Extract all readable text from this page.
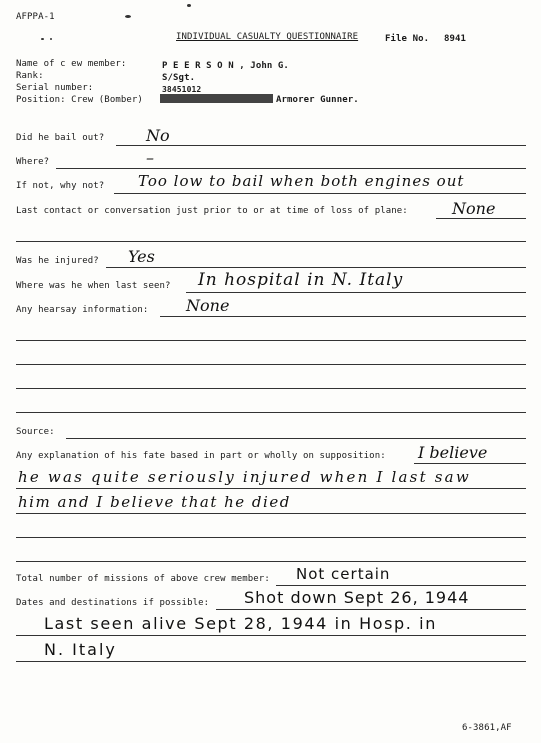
AFPPA-1
INDIVIDUAL CASUALTY QUESTIONNAIRE	File No. 8941
Name of c ew member:	P E E R S O N , John G.
Rank:	S/Sgt.
Serial number:	38451012
Position: Crew (Bomber)	Armorer Gunner.
Did he bail out?	No
Where?	–
If not, why not? Too low to bail when both engines out
Last contact or conversation just prior to or at time of loss of plane:	None
Was he injured? Yes
Where was he when last seen? In hospital in N. Italy
Any hearsay information: None
Source:
Any explanation of his fate based in part or wholly on supposition: I believe
he was quite seriously injured when I last saw
him and I believe that he died
Total number of missions of above crew member: Not certain
Dates and destinations if possible: Shot down Sept 26, 1944
Last seen alive Sept 28, 1944 in Hosp. in
N. Italy
6-3861,AF
